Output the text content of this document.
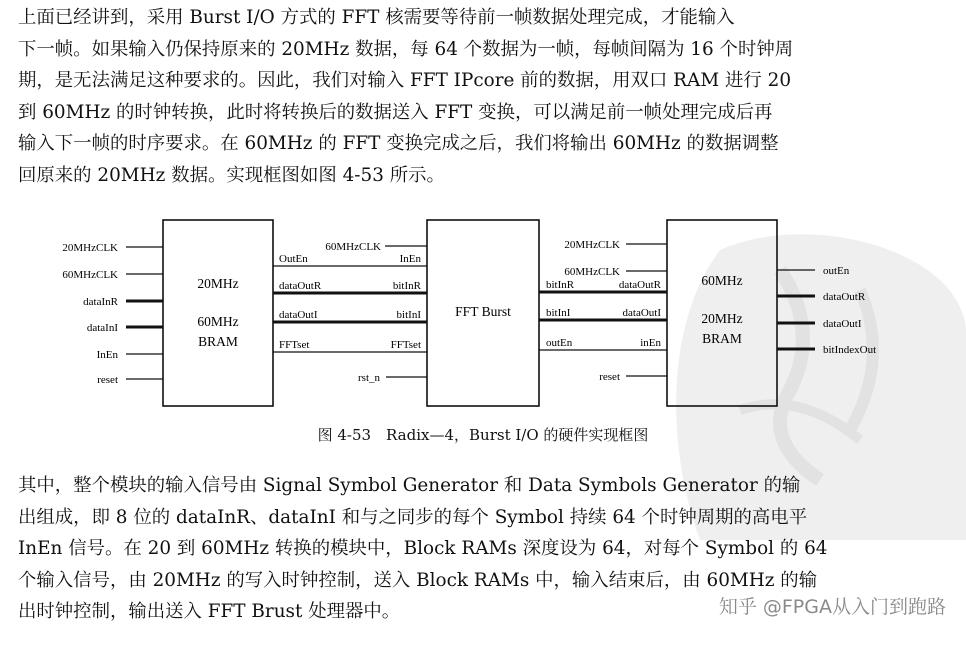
上面已经讲到，采用 Burst I/O 方式的 FFT 核需要等待前一帧数据处理完成，才能输入
下一帧。如果输入仍保持原来的 20MHz 数据，每 64 个数据为一帧，每帧间隔为 16 个时钟周
期，是无法满足这种要求的。因此，我们对输入 FFT IPcore 前的数据，用双口 RAM 进行 20
到 60MHz 的时钟转换，此时将转换后的数据送入 FFT 变换，可以满足前一帧处理完成后再
输入下一帧的时序要求。在 60MHz 的 FFT 变换完成之后，我们将输出 60MHz 的数据调整
回原来的 20MHz 数据。实现框图如图 4-53 所示。

20MHz
60MHz
BRAM
20MHzCLK
60MHzCLK
dataInR
dataInI
InEn
reset
FFT Burst
OutEn
dataOutR
dataOutI
FFTset
60MHzCLK
InEn
bitInR
bitInI
FFTset
rst_n
60MHz
20MHz
BRAM
bitInR
bitInI
outEn
dataOutR
dataOutI
inEn
20MHzCLK
60MHzCLK
reset
outEn
dataOutR
dataOutI
bitIndexOut
图 4-53　Radix—4，Burst I/O 的硬件实现框图

其中，整个模块的输入信号由 Signal Symbol Generator 和 Data Symbols Generator 的输
出组成，即 8 位的 dataInR、dataInI 和与之同步的每个 Symbol 持续 64 个时钟周期的高电平
InEn 信号。在 20 到 60MHz 转换的模块中，Block RAMs 深度设为 64，对每个 Symbol 的 64
个输入信号，由 20MHz 的写入时钟控制，送入 Block RAMs 中，输入结束后，由 60MHz 的输
出时钟控制，输出送入 FFT Brust 处理器中。	知乎 @FPGA从入门到跑路
